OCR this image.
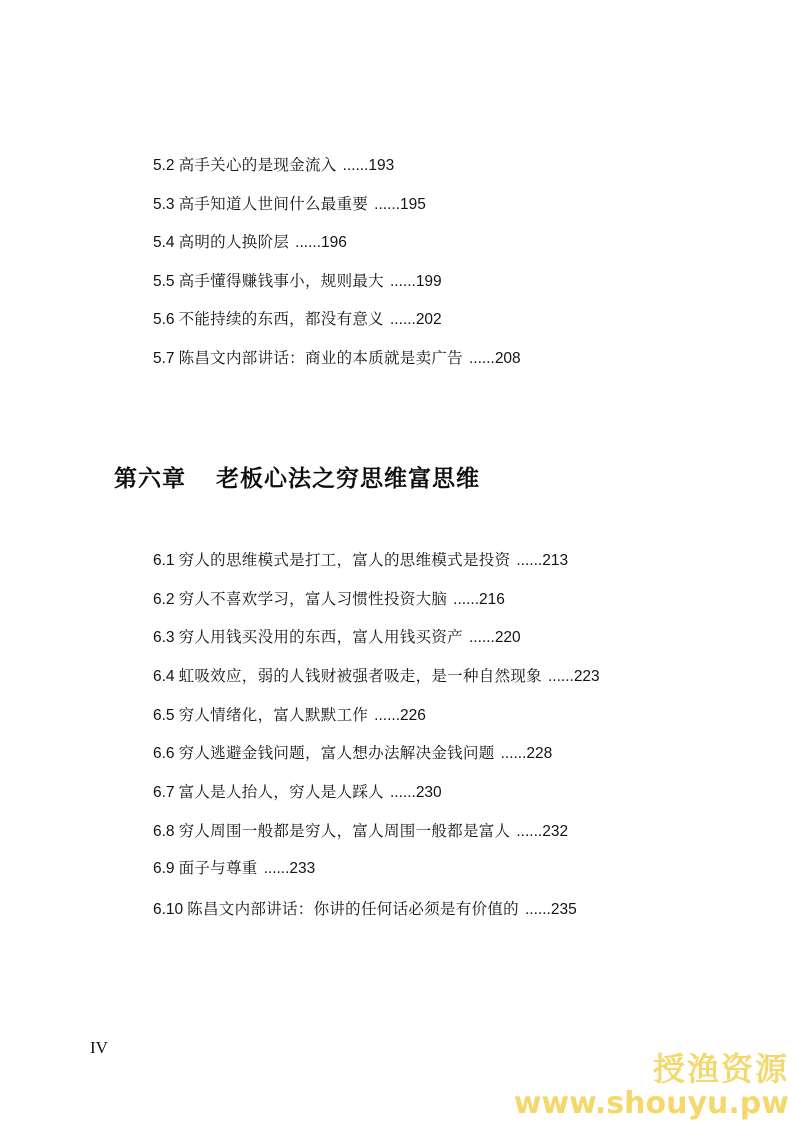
5.2 高手关心的是现金流入 ......193
5.3 高手知道人世间什么最重要 ......195
5.4 高明的人换阶层 ......196
5.5 高手懂得赚钱事小，规则最大 ......199
5.6 不能持续的东西，都没有意义 ......202
5.7 陈昌文内部讲话：商业的本质就是卖广告 ......208
第六章 老板心法之穷思维富思维
6.1 穷人的思维模式是打工，富人的思维模式是投资 ......213
6.2 穷人不喜欢学习，富人习惯性投资大脑 ......216
6.3 穷人用钱买没用的东西，富人用钱买资产 ......220
6.4 虹吸效应，弱的人钱财被强者吸走，是一种自然现象 ......223
6.5 穷人情绪化，富人默默工作 ......226
6.6 穷人逃避金钱问题，富人想办法解决金钱问题 ......228
6.7 富人是人抬人，穷人是人踩人 ......230
6.8 穷人周围一般都是穷人，富人周围一般都是富人 ......232
6.9 面子与尊重 ......233
6.10 陈昌文内部讲话：你讲的任何话必须是有价值的 ......235
IV
授渔资源
www.shouyu.pw
